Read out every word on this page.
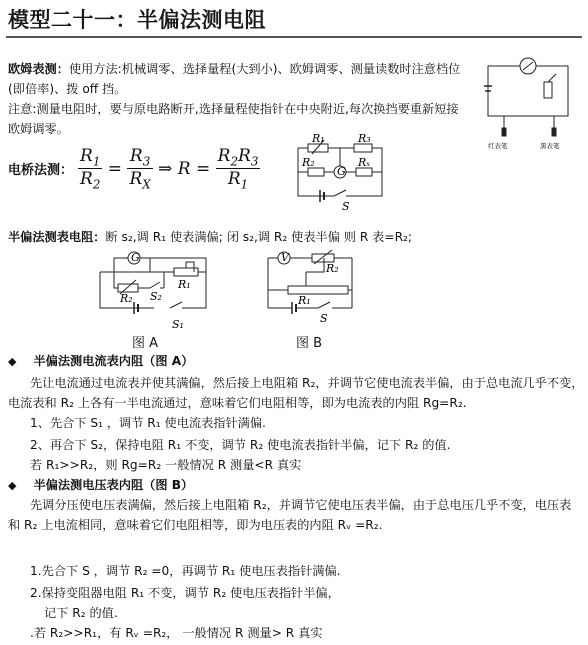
模型二十一：半偏法测电阻
欧姆表测：使用方法:机械调零、选择量程(大到小)、欧姆调零、测量读数时注意档位
(即倍率)、拨 off 挡。
注意:测量电阻时，要与原电路断开,选择量程使指针在中央附近,每次换挡要重新短接
欧姆调零。
红表笔	黑表笔
电桥法测： $\frac{R_1}{R_2} = \frac{R_3}{R_X}$ ⇒ $R = \frac{R_2R_3}{R_1}$
R₁	R₃
R₂	Rₓ
G
S
半偏法测表电阻：断 s₂,调 R₁ 使表满偏; 闭 s₂,调 R₂ 使表半偏 则 R 表=R₂;
G
R₂ S₂
R₁
S₁
图 A
V
R₂
R₁
S
图 B
◆ 半偏法测电流表内阻（图 A）
先让电流通过电流表并使其满偏，然后接上电阻箱 R₂，并调节它使电流表半偏，由于总电流几乎不变，
电流表和 R₂ 上各有一半电流通过，意味着它们电阻相等，即为电流表的内阻 Rg=R₂.
1、先合下 S₁ ，调节 R₁ 使电流表指针满偏.
2、再合下 S₂，保持电阻 R₁ 不变，调节 R₂ 使电流表指针半偏，记下 R₂ 的值.
若 R₁>>R₂，则 Rg=R₂ 一般情况 R 测量<R 真实
◆ 半偏法测电压表内阻（图 B）
先调分压使电压表满偏，然后接上电阻箱 R₂，并调节它使电压表半偏，由于总电压几乎不变，电压表
和 R₂ 上电流相同，意味着它们电阻相等，即为电压表的内阻 Rᵥ =R₂.
1.先合下 S ，调节 R₂ =0，再调节 R₁ 使电压表指针满偏.
2.保持变阻器电阻 R₁ 不变，调节 R₂ 使电压表指针半偏，
记下 R₂ 的值.
.若 R₂>>R₁，有 Rᵥ =R₂， 一般情况 R 测量> R 真实
